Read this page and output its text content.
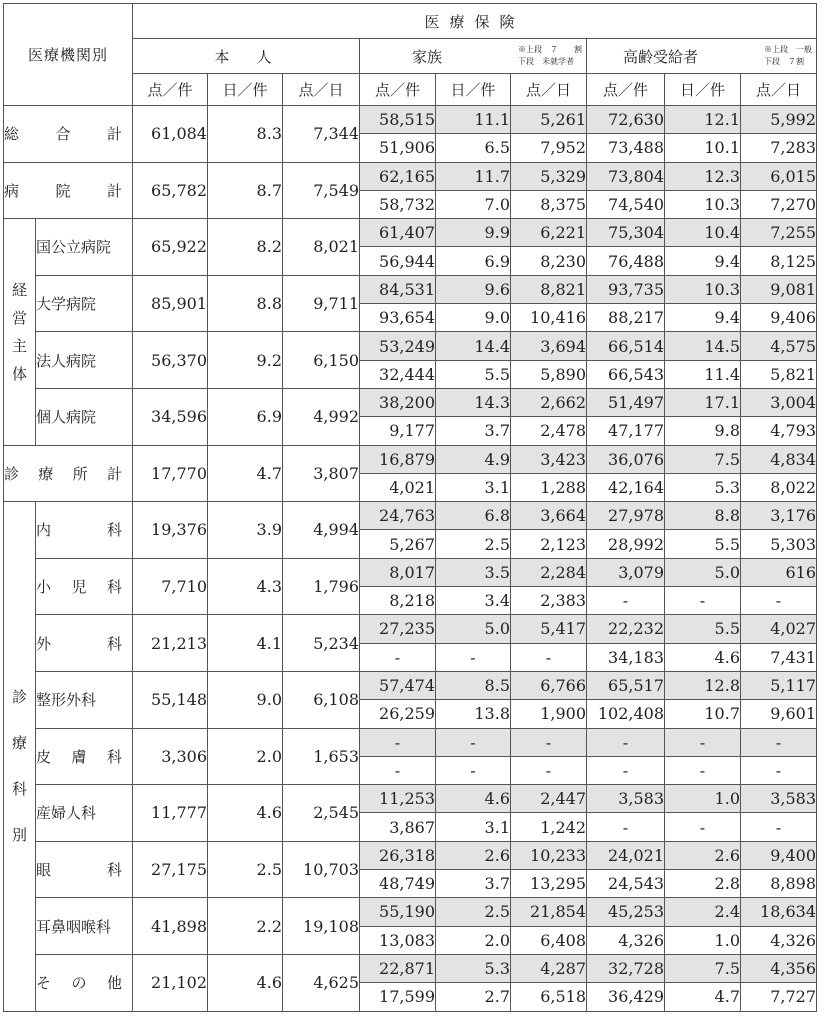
医療機関別		医療保険								
		本　人			家族 ※上段　７　　割
下段　未就学者			高齢受給者 ※上段　一般
下段　７割		

		点／件	日／件	点／日	点／件	日／件	点／日	点／件	日／件	点／日

総 合 計		61,084	8.3	7,344	58,515	11.1	5,261	72,630	12.1	5,992
					51,906	6.5	7,952	73,488	10.1	7,283

病 院 計		65,782	8.7	7,549	62,165	11.7	5,329	73,804	12.3	6,015
					58,732	7.0	8,375	74,540	10.3	7,270

経
営
主
体	国公立病院	65,922	8.2	8,021	61,407	9.9	6,221	75,304	10.4	7,255
					56,944	6.9	8,230	76,488	9.4	8,125
	大学病院	85,901	8.8	9,711	84,531	9.6	8,821	93,735	10.3	9,081
					93,654	9.0	10,416	88,217	9.4	9,406
	法人病院	56,370	9.2	6,150	53,249	14.4	3,694	66,514	14.5	4,575
					32,444	5.5	5,890	66,543	11.4	5,821
	個人病院	34,596	6.9	4,992	38,200	14.3	2,662	51,497	17.1	3,004
					9,177	3.7	2,478	47,177	9.8	4,793

診 療 所 計		17,770	4.7	3,807	16,879	4.9	3,423	36,076	7.5	4,834
					4,021	3.1	1,288	42,164	5.3	8,022

診
療
科
別	内 科	19,376	3.9	4,994	24,763	6.8	3,664	27,978	8.8	3,176
					5,267	2.5	2,123	28,992	5.5	5,303

	小 児 科	7,710	4.3	1,796	8,017	3.5	2,284	3,079	5.0	616
					8,218	3.4	2,383	-	-	-

	外 科	21,213	4.1	5,234	27,235	5.0	5,417	22,232	5.5	4,027
					-	-	-	34,183	4.6	7,431
	整形外科	55,148	9.0	6,108	57,474	8.5	6,766	65,517	12.8	5,117
					26,259	13.8	1,900	102,408	10.7	9,601

	皮 膚 科	3,306	2.0	1,653	-	-	-	-	-	-
					-	-	-	-	-	-
	産婦人科	11,777	4.6	2,545	11,253	4.6	2,447	3,583	1.0	3,583
					3,867	3.1	1,242	-	-	-

	眼 科	27,175	2.5	10,703	26,318	2.6	10,233	24,021	2.6	9,400
					48,749	3.7	13,295	24,543	2.8	8,898
	耳鼻咽喉科	41,898	2.2	19,108	55,190	2.5	21,854	45,253	2.4	18,634
					13,083	2.0	6,408	4,326	1.0	4,326

	そ の 他	21,102	4.6	4,625	22,871	5.3	4,287	32,728	7.5	4,356
					17,599	2.7	6,518	36,429	4.7	7,727
